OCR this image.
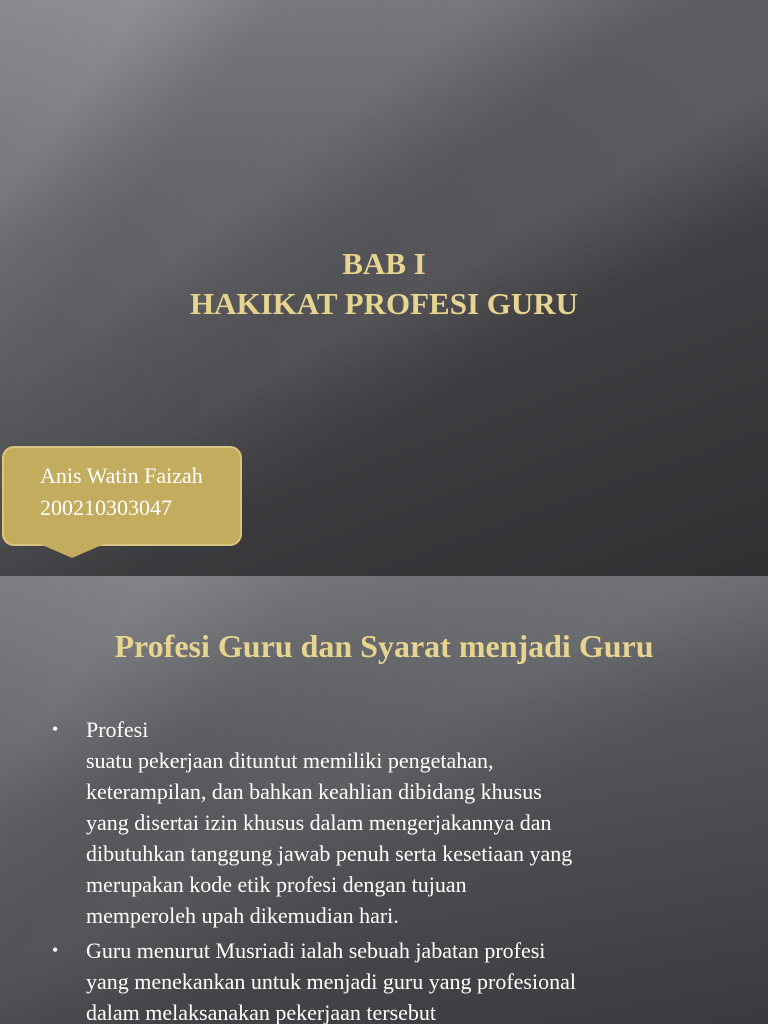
BAB I
HAKIKAT PROFESI GURU
Anis Watin Faizah
200210303047
Profesi Guru dan Syarat menjadi Guru
• Profesi
suatu pekerjaan dituntut memiliki pengetahan,
keterampilan, dan bahkan keahlian dibidang khusus
yang disertai izin khusus dalam mengerjakannya dan
dibutuhkan tanggung jawab penuh serta kesetiaan yang
merupakan kode etik profesi dengan tujuan
memperoleh upah dikemudian hari.
• Guru menurut Musriadi ialah sebuah jabatan profesi
yang menekankan untuk menjadi guru yang profesional
dalam melaksanakan pekerjaan tersebut
